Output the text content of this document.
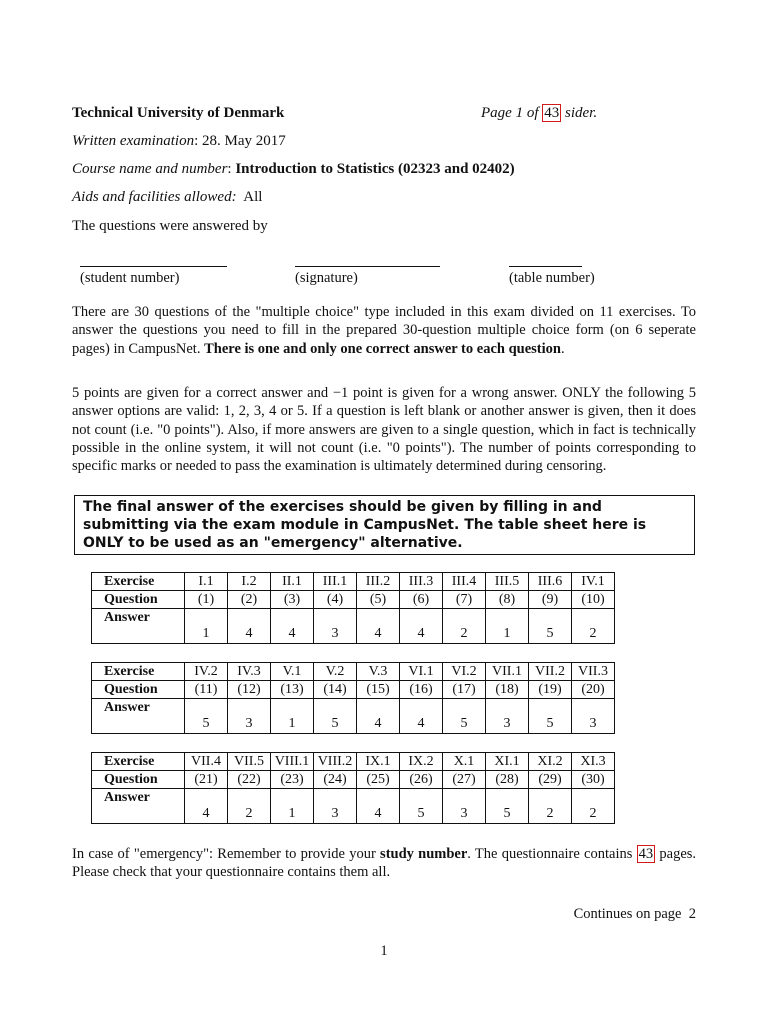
Technical University of Denmark	Page 1 of 43 sider.
Written examination: 28. May 2017
Course name and number: Introduction to Statistics (02323 and 02402)
Aids and facilities allowed: All
The questions were answered by
(student number)	(signature)	(table number)
There are 30 questions of the "multiple choice" type included in this exam divided on 11 exercises. To answer the questions you need to fill in the prepared 30-question multiple choice form (on 6 seperate pages) in CampusNet. There is one and only one correct answer to each question.
5 points are given for a correct answer and −1 point is given for a wrong answer. ONLY the following 5 answer options are valid: 1, 2, 3, 4 or 5. If a question is left blank or another answer is given, then it does not count (i.e. "0 points"). Also, if more answers are given to a single question, which in fact is technically possible in the online system, it will not count (i.e. "0 points"). The number of points corresponding to specific marks or needed to pass the examination is ultimately determined during censoring.
The final answer of the exercises should be given by filling in and submitting via the exam module in CampusNet. The table sheet here is ONLY to be used as an "emergency" alternative.
Exercise	I.1	I.2	II.1	III.1	III.2	III.3	III.4	III.5	III.6	IV.1
Question	(1)	(2)	(3)	(4)	(5)	(6)	(7)	(8)	(9)	(10)
Answer	1	4	4	3	4	4	2	1	5	2
Exercise	IV.2	IV.3	V.1	V.2	V.3	VI.1	VI.2	VII.1	VII.2	VII.3
Question	(11)	(12)	(13)	(14)	(15)	(16)	(17)	(18)	(19)	(20)
Answer	5	3	1	5	4	4	5	3	5	3
Exercise	VII.4	VII.5	VIII.1	VIII.2	IX.1	IX.2	X.1	XI.1	XI.2	XI.3
Question	(21)	(22)	(23)	(24)	(25)	(26)	(27)	(28)	(29)	(30)
Answer	4	2	1	3	4	5	3	5	2	2
In case of "emergency": Remember to provide your study number. The questionnaire contains 43 pages. Please check that your questionnaire contains them all.
Continues on page  2
1
